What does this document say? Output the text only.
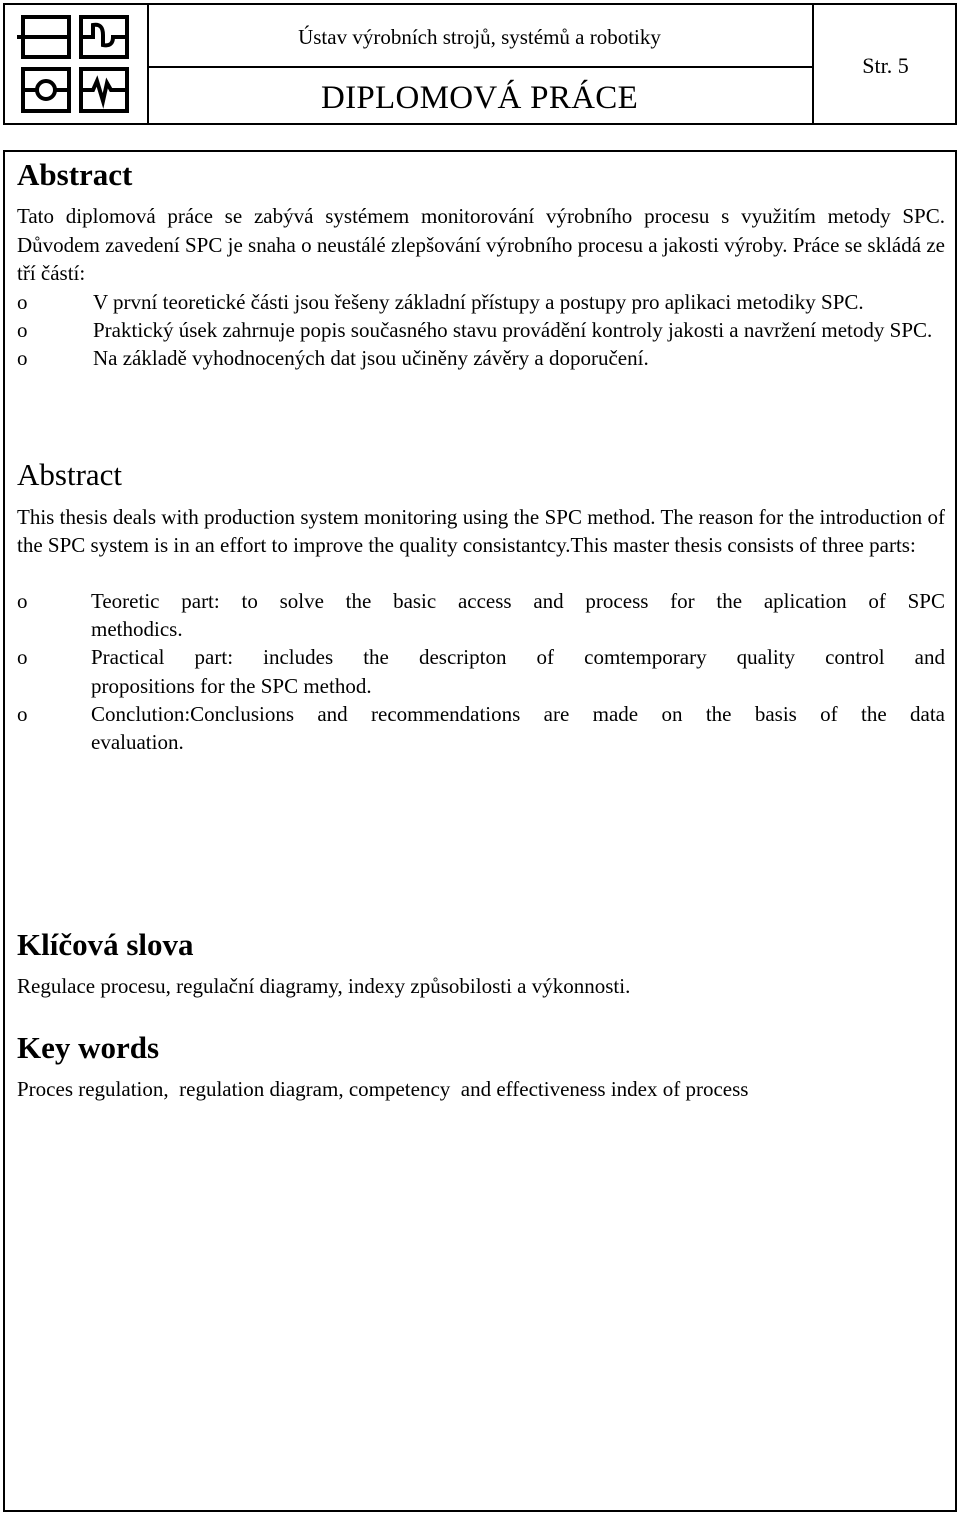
Ústav výrobních strojů, systémů a robotiky
DIPLOMOVÁ PRÁCE
Str. 5
Abstract
Tato diplomová práce se zabývá systémem monitorování výrobního procesu s využitím metody SPC. Důvodem zavedení SPC je snaha o neustálé zlepšování výrobního procesu a jakosti výroby. Práce se skládá ze tří částí:
o	V první teoretické části jsou řešeny základní přístupy a postupy pro aplikaci metodiky SPC.
o	Praktický úsek zahrnuje popis současného stavu provádění kontroly jakosti a navržení metody SPC.
o	Na základě vyhodnocených dat jsou učiněny závěry a doporučení.
Abstract
This thesis deals with production system monitoring using the SPC method. The reason for the introduction of the SPC system is in an effort to improve the quality consistantcy.This master thesis consists of three parts:
o	Teoretic part: to solve the basic access and process for the aplication of SPC
methodics.
o	Practical part: includes the descripton of comtemporary quality control and
propositions for the SPC method.
o	Conclution:Conclusions and recommendations are made on the basis of the data
evaluation.
Klíčová slova
Regulace procesu, regulační diagramy, indexy způsobilosti a výkonnosti.
Key words
Proces regulation,  regulation diagram, competency  and effectiveness index of process
